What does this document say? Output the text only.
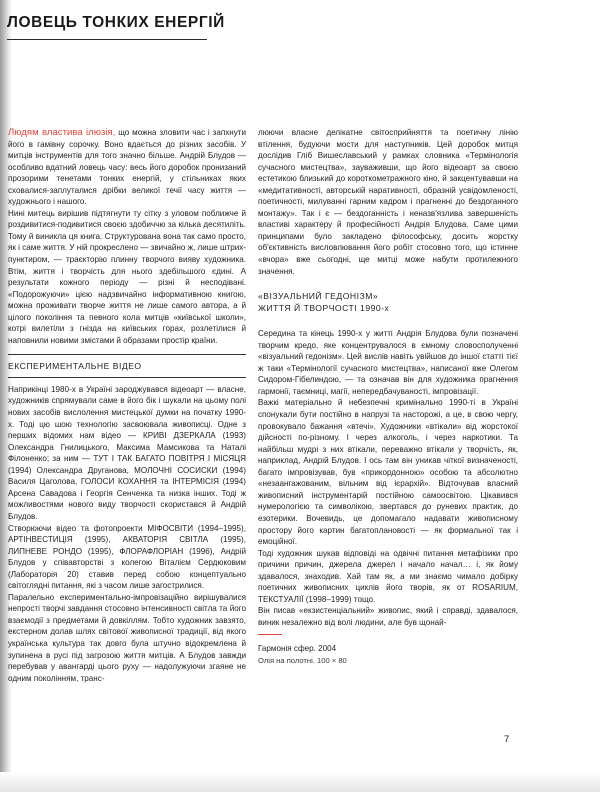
ЛОВЕЦЬ ТОНКИХ ЕНЕРГІЙ

Людям властива ілюзія, що можна зловити час і запхнути його в гамівну сорочку. Воно вдається до різних засобів. У митців інструментів для того значно більше. Андрій Блудов — особливо вдатний ловець часу: весь його доробок пронизаний прозорими тенетами тонких енергій, у стільниках яких сховалися-заплуталися дрібки великої течії часу життя — художнього і нашого.

Нині митець вирішив підтягнути ту сітку з уловом поближче й роздивитися-подивитися своєю здобиччю за кілька десятиліть. Тому й виникла ця книга. Структурована вона так само просто, як і саме життя. У ній прокреслено — звичайно ж, лише штрих-пунктиром, — траєкторію плинну творчого вияву художника. Втім, життя і творчість для нього здебільшого єдині. А результати кожного періоду — різні й несподівані. «Подорожуючи» цією надзвичайно інформативною книгою, можна проживати творче життя не лише самого автора, а й цілого покоління та певного кола митців «київської школи», котрі вилетіли з гнізда на київських горах, розлетілися й наповнили новими змістами й образами простір країни.

ЕКСПЕРИМЕНТАЛЬНЕ ВІДЕО

Наприкінці 1980-х в Україні зароджувався відеоарт — власне, художників спрямували саме в його бік і шукали на цьому полі нових засобів вислолення мистецької думки на початку 1990-х. Тоді цю шою технологію засвоювала живописці. Одне з перших відомих нам відео — КРИВІ ДЗЕРКАЛА (1993) Олександра Гнилицького, Максима Мамсикова та Наталі Філоненко; за ним — ТУТ І ТАК БАГАТО ПОВІТРЯ І МІСЯЦЯ (1994) Олександра Друганова, МОЛОЧНІ СОСИСКИ (1994) Василя Цаголова, ГОЛОСИ КОХАННЯ та ІНТЕРМІСІЯ (1994) Арсена Савадова і Георгія Сенченка та низка інших. Тоді ж можливостями нового виду творчості скористався й Андрій Блудов.

Створюючи відео та фотопроекти МІФОСВІТИ (1994–1995), АРТІНВЕСТИЦІЯ (1995), АКВАТОРІЯ СВІТЛА (1995), ЛИПНЕВЕ РОНДО (1995), ФЛОРАФЛОРІАН (1996), Андрій Блудов у співавторстві з колегою Віталієм Сердюковим (Лабораторія 20) ставив перед собою концептуально світоглядні питання, які з часом лише загострилися.

Паралельно експериментально-імпровізаційно вирішувалися непрості творчі завдання стосовно інтенсивності світла та його взаємодії з предметами й довкіллям. Тобто художник завзято, екстерном долав шлях світової живописної традиції, від якого українська культура так довго була штучно відокремлена й зупинена в русі під загрозою життя митців. А Блудов завжди перебував у авангарді цього руху — надолужуючи згаяне не одним поколінням, транс-

люючи власне делікатне світосприйняття та поетичну лінію втілення, будуючи мости для наступників. Цей доробок митця дослідив Гліб Вишеславський у рамках словника «Термінологія сучасного мистецтва», зауваживши, що його відеоарт за своєю естетикою близький до короткометражного кіно, й закцентувавши на «медитативності, авторській наративності, образній усвідомленості, поетичності, милуванні гарним кадром і прагненні до бездоганного монтажу». Так і є — бездоганність і неназв'язлива завершеність властиві характеру й професійності Андрія Блудова. Саме цими принципами було закладено філософську, досить жорстку об'єктивність висловлювання його робіт стосовно того, що істинне «вчора» вже сьогодні, ще митці може набути протилежного значення.

«ВІЗУАЛЬНИЙ ГЕДОНІЗМ»
ЖИТТЯ Й ТВОРЧОСТІ 1990-х

Середина та кінець 1990-х у житті Андрія Блудова були позначені творчим кредо, яке концентрувалося в ємному словосполученні «візуальний гедонізм». Цей вислів навіть увійшов до іншої статті тієї ж таки «Термінології сучасного мистецтва», написаної вже Олегом Сидором-Гібелиндою, — та означав він для художника прагнення гармонії, таємниці, магії, непередбачуваності, імпровізації.

Важкі матеріально й небезпечні кримінально 1990-ті в Україні спонукали бути постійно в напрузі та насторожі, а це, в свою чергу, провокувало бажання «втечі». Художники «втікали» від жорстокої дійсності по-різному. І через алкоголь, і через наркотики. Та найбільш мудрі з них втікали, переважно втікали у творчість, як, наприклад, Андрій Блудов. І ось там він уникав чіткої визначеності, багато імпровізував, був «прикордонною» особою та абсолютно «незаангажованим, вільним від ієрархій». Відточував власний живописний інструментарій постійною самоосвітою. Цікавився нумерологією та символікою, звертався до руневих практик, до езотерики. Вочевидь, це допомагало надавати живописному простору його картин багатоплановості — як формальної так і емоційної.

Тоді художник шукав відповіді на одвічні питання метафізики про причини причин, джерела джерел і начало начал… і, як йому здавалося, знаходив. Хай там як, а ми знаємо чимало добірку поетичних живописних циклів його творів, як от ROSARIUM, ТЕКСТУАЛІЇ (1998–1999) тощо.

Він писав «екзистенціальний» живопис, який і справді, здавалося, виник незалежно від волі людини, але був щонай-

Гармонія сфер. 2004
Олія на полотні. 100 × 80
7
